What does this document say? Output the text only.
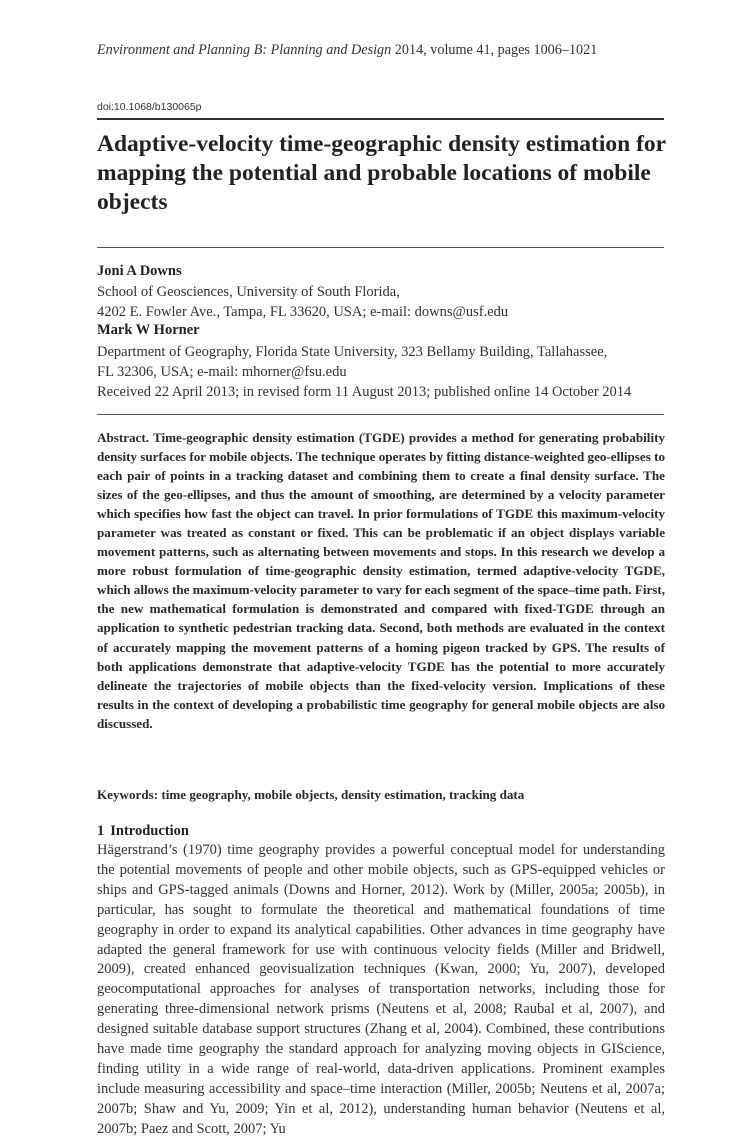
Environment and Planning B: Planning and Design 2014, volume 41, pages 1006–1021
doi:10.1068/b130065p
Adaptive-velocity time-geographic density estimation for mapping the potential and probable locations of mobile objects
Joni A Downs
School of Geosciences, University of South Florida,
4202 E. Fowler Ave., Tampa, FL 33620, USA; e-mail: downs@usf.edu
Mark W Horner
Department of Geography, Florida State University, 323 Bellamy Building, Tallahassee,
FL 32306, USA; e-mail: mhorner@fsu.edu
Received 22 April 2013; in revised form 11 August 2013; published online 14 October 2014

Abstract. Time-geographic density estimation (TGDE) provides a method for generating probability density surfaces for mobile objects. The technique operates by fitting distance-weighted geo-ellipses to each pair of points in a tracking dataset and combining them to create a final density surface. The sizes of the geo-ellipses, and thus the amount of smoothing, are determined by a velocity parameter which specifies how fast the object can travel. In prior formulations of TGDE this maximum-velocity parameter was treated as constant or fixed. This can be problematic if an object displays variable movement patterns, such as alternating between movements and stops. In this research we develop a more robust formulation of time-geographic density estimation, termed adaptive-velocity TGDE, which allows the maximum-velocity parameter to vary for each segment of the space–time path. First, the new mathematical formulation is demonstrated and compared with fixed-TGDE through an application to synthetic pedestrian tracking data. Second, both methods are evaluated in the context of accurately mapping the movement patterns of a homing pigeon tracked by GPS. The results of both applications demonstrate that adaptive-velocity TGDE has the potential to more accurately delineate the trajectories of mobile objects than the fixed-velocity version. Implications of these results in the context of developing a probabilistic time geography for general mobile objects are also discussed.

Keywords: time geography, mobile objects, density estimation, tracking data

1 Introduction

Hägerstrand’s (1970) time geography provides a powerful conceptual model for understanding the potential movements of people and other mobile objects, such as GPS-equipped vehicles or ships and GPS-tagged animals (Downs and Horner, 2012). Work by (Miller, 2005a; 2005b), in particular, has sought to formulate the theoretical and mathematical foundations of time geography in order to expand its analytical capabilities. Other advances in time geography have adapted the general framework for use with continuous velocity fields (Miller and Bridwell, 2009), created enhanced geovisualization techniques (Kwan, 2000; Yu, 2007), developed geocomputational approaches for analyses of transportation networks, including those for generating three-dimensional network prisms (Neutens et al, 2008; Raubal et al, 2007), and designed suitable database support structures (Zhang et al, 2004). Combined, these contributions have made time geography the standard approach for analyzing moving objects in GIScience, finding utility in a wide range of real-world, data-driven applications. Prominent examples include measuring accessibility and space–time interaction (Miller, 2005b; Neutens et al, 2007a; 2007b; Shaw and Yu, 2009; Yin et al, 2012), understanding human behavior (Neutens et al, 2007b; Paez and Scott, 2007; Yu
